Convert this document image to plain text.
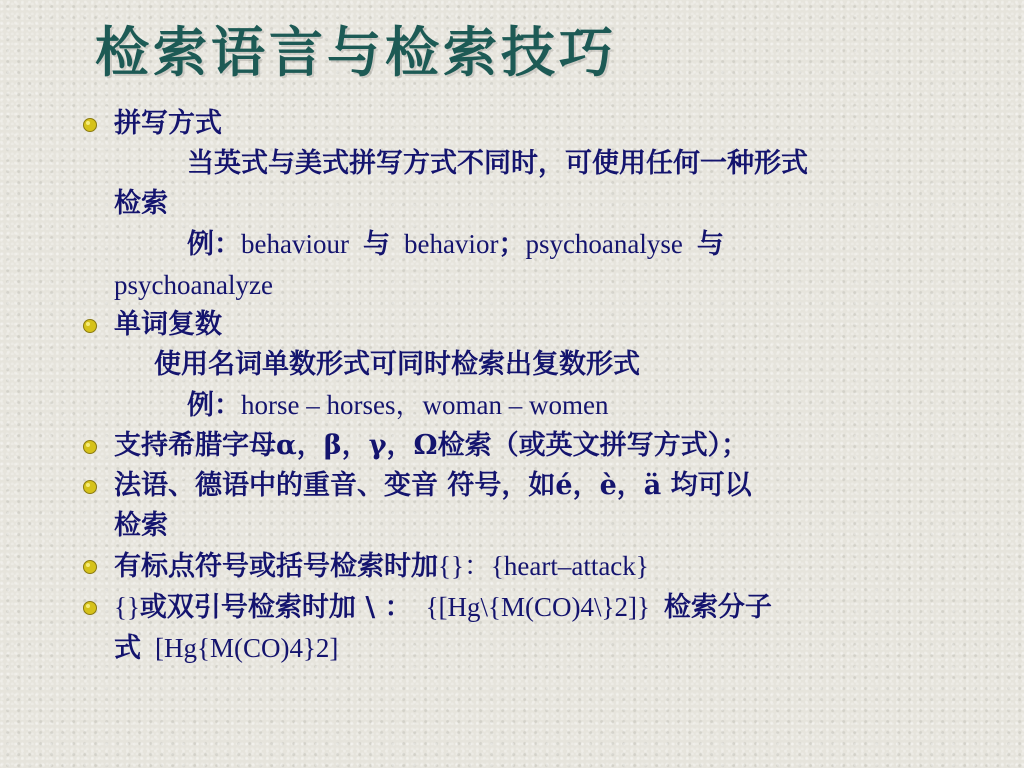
检索语言与检索技巧
拼写方式
当英式与美式拼写方式不同时，可使用任何一种形式
检索
例：behaviour 与 behavior；psychoanalyse 与
psychoanalyze
单词复数
使用名词单数形式可同时检索出复数形式
例：horse – horses，woman – women
支持希腊字母α，β，γ，Ω检索（或英文拼写方式）；
法语、德语中的重音、变音 符号，如é，è，ä 均可以
检索
有标点符号或括号检索时加{}：{heart–attack}
{}或双引号检索时加 \ ： {[Hg\{M(CO)4\}2]} 检索分子
式 [Hg{M(CO)4}2]
